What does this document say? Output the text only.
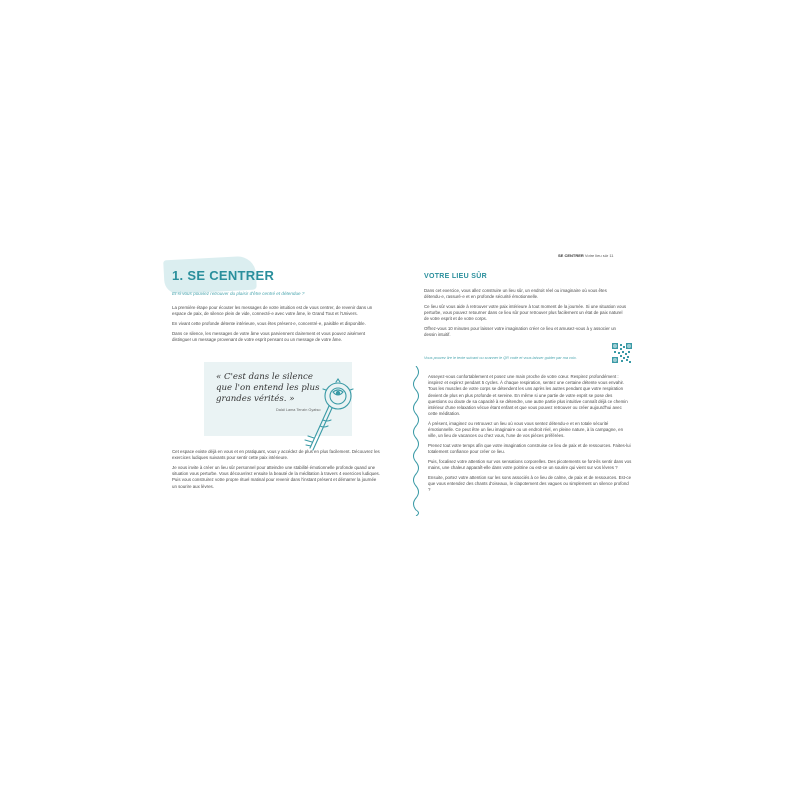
1. SE CENTRER

Et si vous pouviez retrouver du plaisir d'être centré et détendue ?

La première étape pour écouter les messages de votre intuition est de vous centrer, de revenir dans un espace de paix, de silence plein de vide, connecté·e avec votre âme, le Grand Tout et l'Univers.

En vivant cette profonde détente intérieure, vous êtes présent·e, concentré·e, paisible et disponible.

Dans ce silence, les messages de votre âme vous parviennent clairement et vous pouvez aisément distinguer un message provenant de votre esprit pensant ou un message de votre âme.

« C'est dans le silence que l'on entend les plus grandes vérités. »

Dalaï Lama Tenzin Gyatso

Cet espace existe déjà en vous et en pratiquant, vous y accédez de plus en plus facilement. Découvrez les exercices ludiques suivants pour sentir cette paix intérieure.

Je vous invite à créer un lieu sûr personnel pour atteindre une stabilité émotionnelle profonde quand une situation vous perturbe. Vous découvrirez ensuite la beauté de la méditation à travers 4 exercices ludiques. Puis vous construirez votre propre rituel matinal pour revenir dans l'instant présent et démarrer la journée un sourire aux lèvres.

SE CENTRER Votre lieu sûr 11

VOTRE LIEU SÛR

Dans cet exercice, vous allez construire un lieu sûr, un endroit réel ou imaginaire où vous êtes détendu·e, rassuré·e et en profonde sécurité émotionnelle.

Ce lieu sûr vous aide à retrouver votre paix intérieure à tout moment de la journée. Si une situation vous perturbe, vous pouvez retourner dans ce lieu sûr pour retrouver plus facilement un état de paix naturel de votre esprit et de votre corps.

Offrez-vous 10 minutes pour laisser votre imagination créer ce lieu et amusez-vous à y associer un dessin intuitif.

Vous pouvez lire le texte suivant ou scanner le QR code et vous laisser guider par ma voix.

Asseyez-vous confortablement et posez une main proche de votre cœur. Respirez profondément : inspirez et expirez pendant 5 cycles. À chaque respiration, sentez une certaine détente vous envahir. Tous les muscles de votre corps se détendent les uns après les autres pendant que votre respiration devient de plus en plus profonde et sereine. En même si une partie de votre esprit se pose des questions ou doute de sa capacité à se détendre, une autre partie plus intuitive connaît déjà ce chemin intérieur d'une relaxation vécue étant enfant et que vous pouvez retrouver ou créer aujourd'hui avec cette méditation.

À présent, imaginez ou retrouvez un lieu où vous vous sentez détendu·e et en totale sécurité émotionnelle. Ce peut être un lieu imaginaire ou un endroit réel, en pleine nature, à la campagne, en ville, un lieu de vacances ou chez vous, l'une de vos pièces préférées.

Prenez tout votre temps afin que votre imagination construise ce lieu de paix et de ressources. Faites-lui totalement confiance pour créer ce lieu.

Puis, focalisez votre attention sur vos sensations corporelles. Des picotements se font-ils sentir dans vos mains, une chaleur apparaît-elle dans votre poitrine ou est-ce un sourire qui vient sur vos lèvres ?

Ensuite, portez votre attention sur les sons associés à ce lieu de calme, de paix et de ressources. Est-ce que vous entendez des chants d'oiseaux, le clapotement des vagues ou simplement un silence profond ?
